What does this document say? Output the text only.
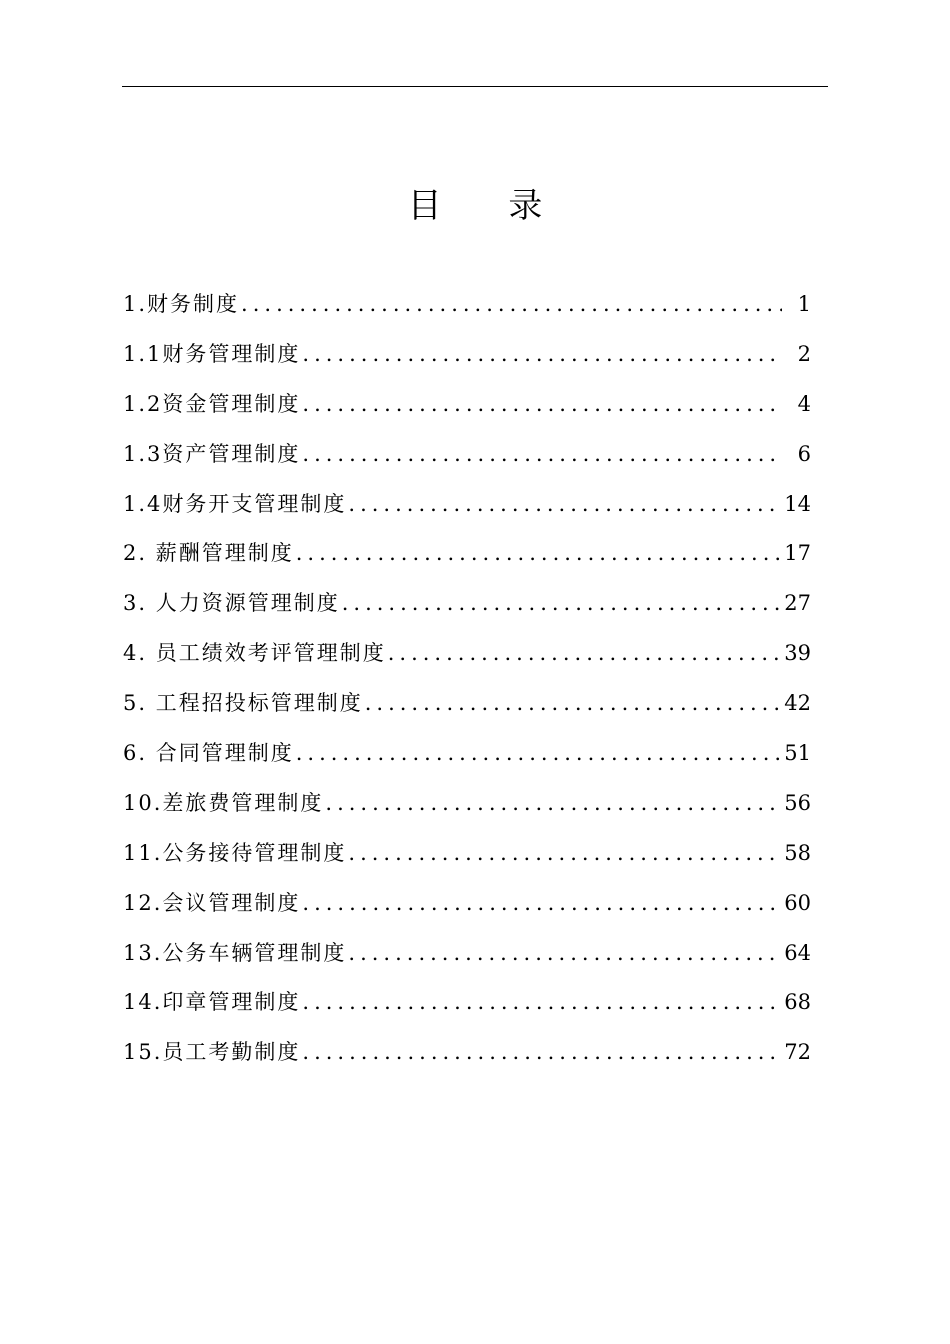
目 录
1.财务制度 .....	1
1.1财务管理制度 .....	2
1.2资金管理制度 .....	4
1.3资产管理制度 .....	6
1.4财务开支管理制度 .....	14
2. 薪酬管理制度 .....	17
3. 人力资源管理制度 .....	27
4. 员工绩效考评管理制度 .....	39
5. 工程招投标管理制度 .....	42
6. 合同管理制度 .....	51
10.差旅费管理制度 .....	56
11.公务接待管理制度 .....	58
12.会议管理制度 .....	60
13.公务车辆管理制度 .....	64
14.印章管理制度 .....	68
15.员工考勤制度 .....	72
